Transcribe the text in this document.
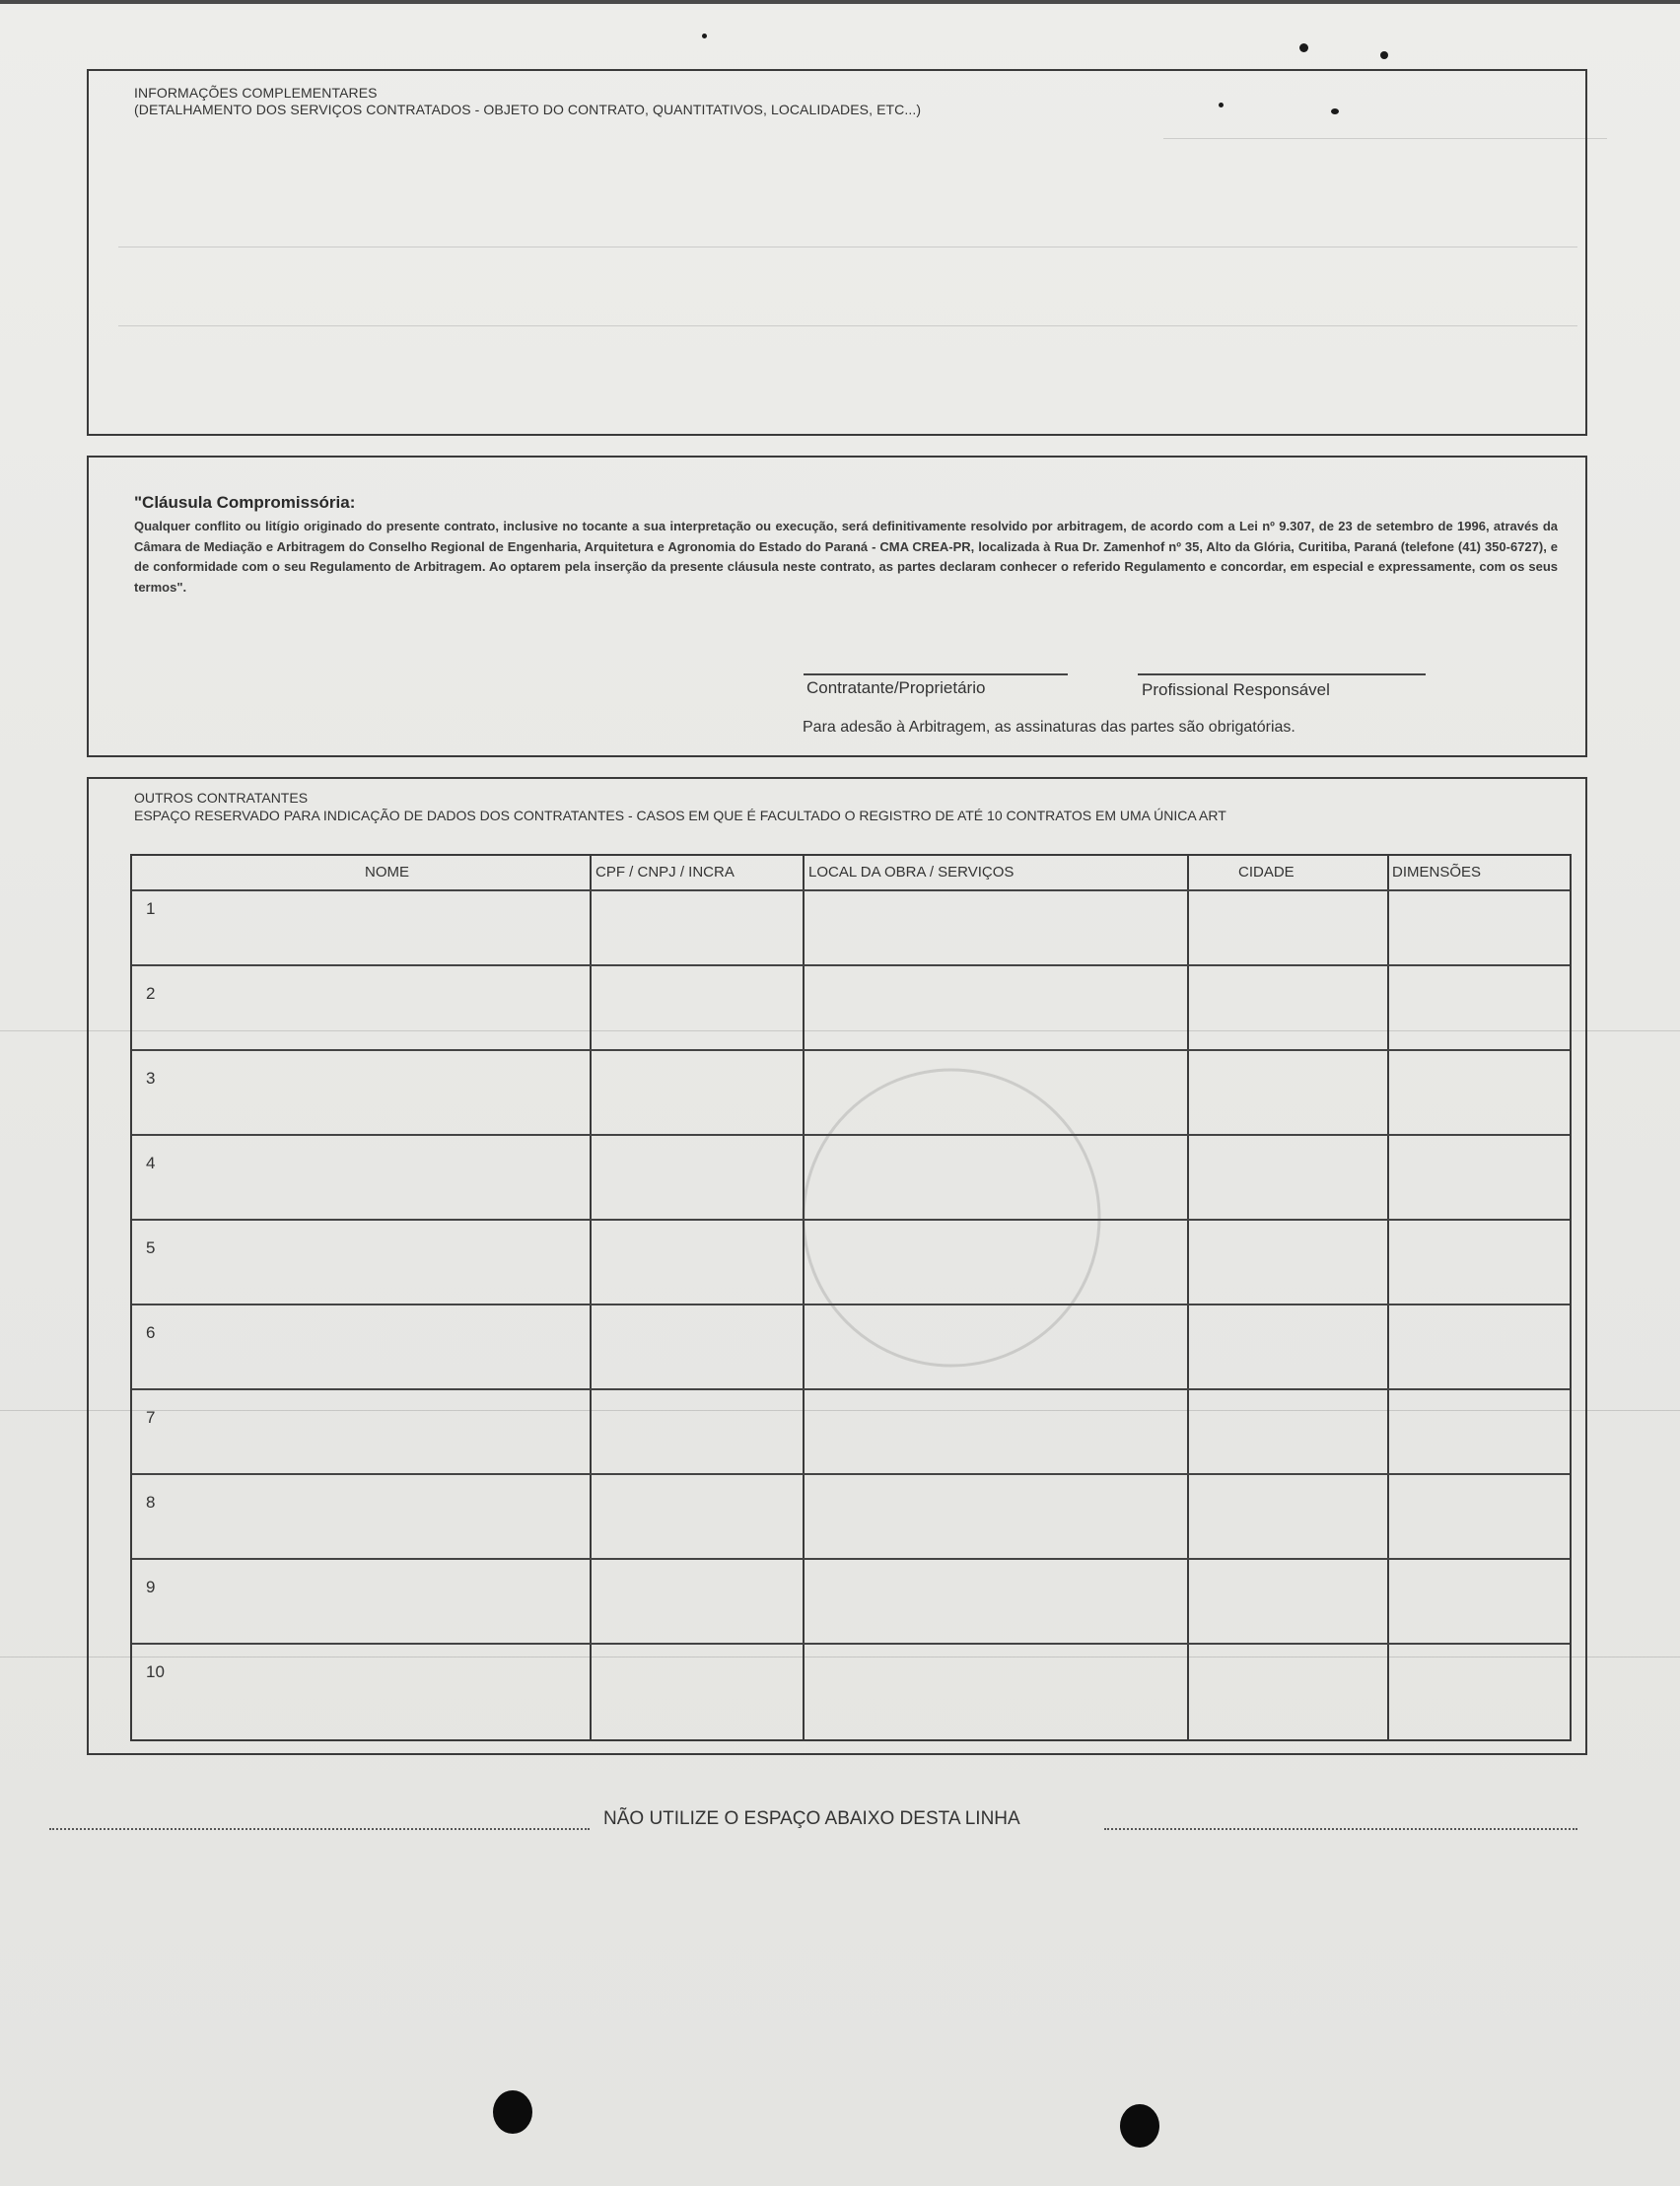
INFORMAÇÕES COMPLEMENTARES
(DETALHAMENTO DOS SERVIÇOS CONTRATADOS - OBJETO DO CONTRATO, QUANTITATIVOS, LOCALIDADES, ETC...)
"Cláusula Compromissória:
Qualquer conflito ou litígio originado do presente contrato, inclusive no tocante a sua interpretação ou execução, será definitivamente resolvido por arbitragem, de acordo com a Lei nº 9.307, de 23 de setembro de 1996, através da Câmara de Mediação e Arbitragem do Conselho Regional de Engenharia, Arquitetura e Agronomia do Estado do Paraná - CMA CREA-PR, localizada à Rua Dr. Zamenhof nº 35, Alto da Glória, Curitiba, Paraná (telefone (41) 350-6727), e de conformidade com o seu Regulamento de Arbitragem. Ao optarem pela inserção da presente cláusula neste contrato, as partes declaram conhecer o referido Regulamento e concordar, em especial e expressamente, com os seus termos".
Contratante/Proprietário	Profissional Responsável
Para adesão à Arbitragem, as assinaturas das partes são obrigatórias.
OUTROS CONTRATANTES
ESPAÇO RESERVADO PARA INDICAÇÃO DE DADOS DOS CONTRATANTES - CASOS EM QUE É FACULTADO O REGISTRO DE ATÉ 10 CONTRATOS EM UMA ÚNICA ART
NOME	CPF / CNPJ / INCRA	LOCAL DA OBRA / SERVIÇOS	CIDADE	DIMENSÕES
1
2
3
4
5
6
7
8
9
10
NÃO UTILIZE O ESPAÇO ABAIXO DESTA LINHA
